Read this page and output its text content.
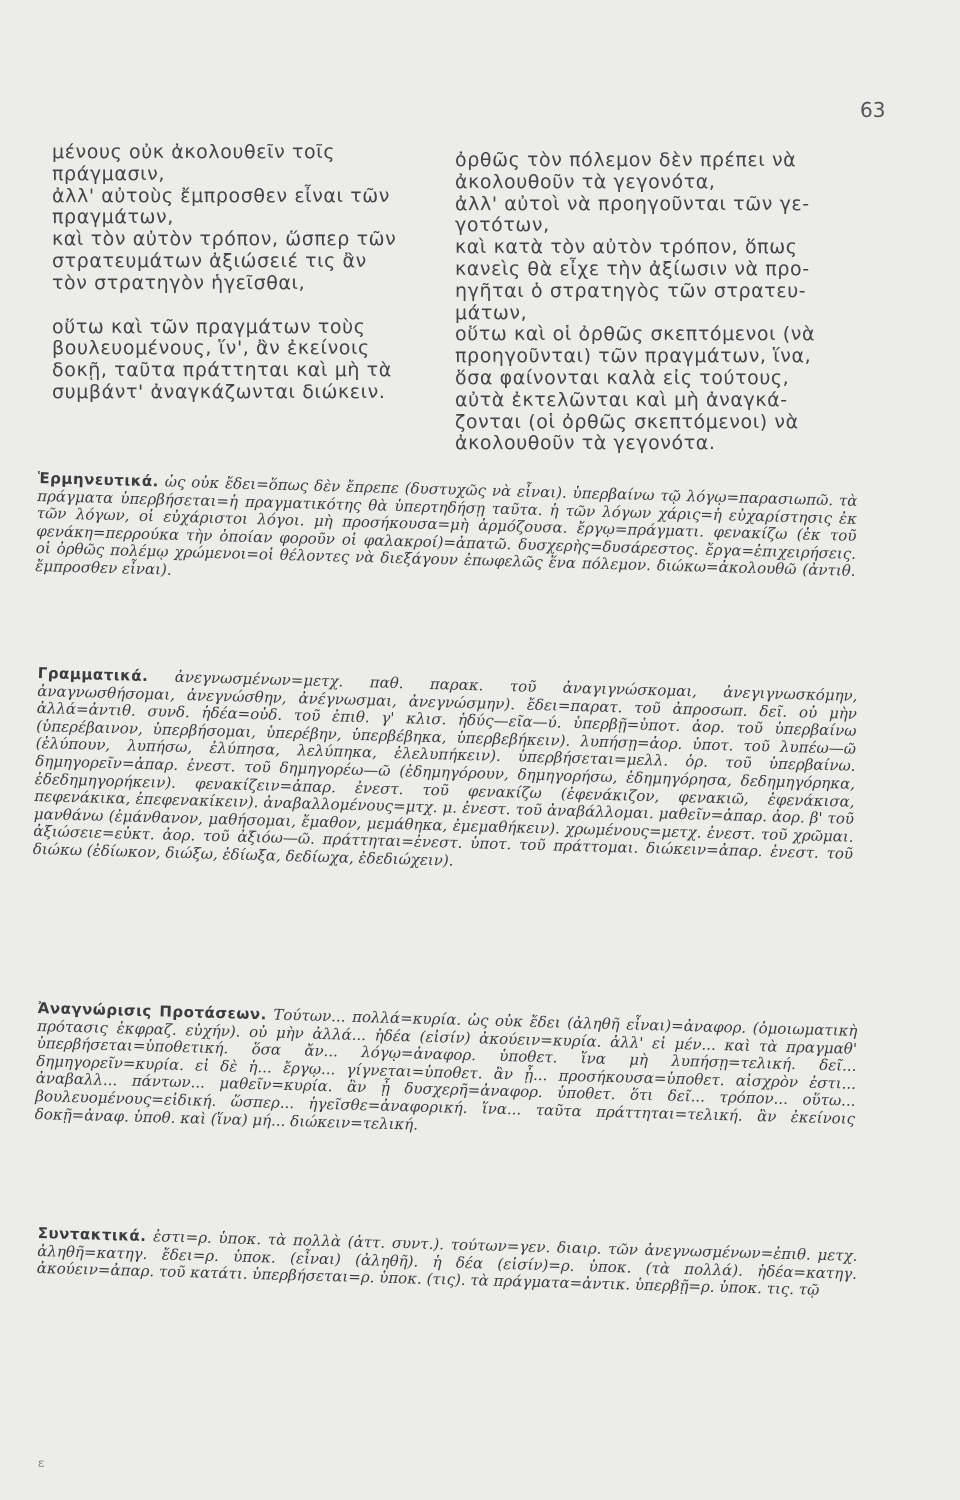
63

μένους οὐκ ἀκολουθεῖν τοῖς

πράγμασιν,

ἀλλ' αὐτοὺς ἔμπροσθεν εἶναι τῶν

πραγμάτων,

καὶ τὸν αὐτὸν τρόπον, ὥσπερ τῶν

στρατευμάτων ἀξιώσειέ τις ἂν

τὸν στρατηγὸν ἡγεῖσθαι,

οὕτω καὶ τῶν πραγμάτων τοὺς

βουλευομένους, ἵν', ἂν ἐκείνοις

δοκῇ, ταῦτα πράττηται καὶ μὴ τὰ

συμβάντ' ἀναγκάζωνται διώκειν.

ὀρθῶς τὸν πόλεμον δὲν πρέπει νὰ

ἀκολουθοῦν τὰ γεγονότα,

ἀλλ' αὐτοὶ νὰ προηγοῦνται τῶν γε-

γοτότων,

καὶ κατὰ τὸν αὐτὸν τρόπον, ὅπως

κανεὶς θὰ εἶχε τὴν ἀξίωσιν νὰ προ-

ηγῆται ὁ στρατηγὸς τῶν στρατευ-

μάτων,

οὕτω καὶ οἱ ὀρθῶς σκεπτόμενοι (νὰ

προηγοῦνται) τῶν πραγμάτων, ἵνα,

ὅσα φαίνονται καλὰ εἰς τούτους,

αὐτὰ ἐκτελῶνται καὶ μὴ ἀναγκά-

ζονται (οἱ ὀρθῶς σκεπτόμενοι) νὰ

ἀκολουθοῦν τὰ γεγονότα.

Ἑρμηνευτικά. ὡς οὐκ ἔδει=ὅπως δὲν ἔπρεπε (δυστυχῶς νὰ εἶναι). ὑπερβαίνω τῷ λόγῳ=παρασιωπῶ. τὰ πράγματα ὑπερβήσεται=ἡ πραγματικότης θὰ ὑπερτηδήσῃ ταῦτα. ἡ τῶν λόγων χάρις=ἡ εὐχαρίστησις ἐκ τῶν λόγων, οἱ εὐχάριστοι λόγοι. μὴ προσήκουσα=μὴ ἁρμόζουσα. ἔργῳ=πράγματι. φενακίζω (ἐκ τοῦ φενάκη=περρούκα τὴν ὁποίαν φοροῦν οἱ φαλακροί)=ἀπατῶ. δυσχερὴς=δυσάρεστος. ἔργα=ἐπιχειρήσεις. οἱ ὀρθῶς πολέμῳ χρώμενοι=οἱ θέλοντες νὰ διεξάγουν ἐπωφελῶς ἕνα πόλεμον. διώκω=ἀκολουθῶ (ἀντιθ. ἔμπροσθεν εἶναι).

Γραμματικά. ἀνεγνωσμένων=μετχ. παθ. παρακ. τοῦ ἀναγιγνώσκομαι, ἀνεγιγνωσκόμην, ἀναγνωσθήσομαι, ἀνεγνώσθην, ἀνέγνωσμαι, ἀνεγνώσμην). ἔδει=παρατ. τοῦ ἀπροσωπ. δεῖ. οὐ μὴν ἀλλά=ἀντιθ. συνδ. ἡδέα=οὐδ. τοῦ ἐπιθ. γ' κλισ. ἡδύς—εῖα—ύ. ὑπερβῇ=ὑποτ. ἀορ. τοῦ ὑπερβαίνω (ὑπερέβαινον, ὑπερβήσομαι, ὑπερέβην, ὑπερβέβηκα, ὑπερβεβήκειν). λυπήσῃ=ἀορ. ὑποτ. τοῦ λυπέω—ῶ (ἐλύπουν, λυπήσω, ἐλύπησα, λελύπηκα, ἐλελυπήκειν). ὑπερβήσεται=μελλ. ὁρ. τοῦ ὑπερβαίνω. δημηγορεῖν=ἀπαρ. ἐνεστ. τοῦ δημηγορέω—ῶ (ἐδημηγόρουν, δημηγορήσω, ἐδημηγόρησα, δεδημηγόρηκα, ἐδεδημηγορήκειν). φενακίζειν=ἀπαρ. ἐνεστ. τοῦ φενακίζω (ἐφενάκιζον, φενακιῶ, ἐφενάκισα, πεφενάκικα, ἐπεφενακίκειν). ἀναβαλλομένους=μτχ. μ. ἐνεστ. τοῦ ἀναβάλλομαι. μαθεῖν=ἀπαρ. ἀορ. β' τοῦ μανθάνω (ἐμάνθανον, μαθήσομαι, ἔμαθον, μεμάθηκα, ἐμεμαθήκειν). χρωμένους=μετχ. ἐνεστ. τοῦ χρῶμαι. ἀξιώσειε=εὐκτ. ἀορ. τοῦ ἀξιόω—ῶ. πράττηται=ἐνεστ. ὑποτ. τοῦ πράττομαι. διώκειν=ἀπαρ. ἐνεστ. τοῦ διώκω (ἐδίωκον, διώξω, ἐδίωξα, δεδίωχα, ἐδεδιώχειν).

Ἀναγνώρισις Προτάσεων. Τούτων... πολλά=κυρία. ὡς οὐκ ἔδει (ἀληθῆ εἶναι)=ἀναφορ. (ὁμοιωματικὴ πρότασις ἐκφραζ. εὐχήν). οὐ μὴν ἀλλά... ἡδέα (εἰσίν) ἀκούειν=κυρία. ἀλλ' εἰ μέν... καὶ τὰ πραγμαθ' ὑπερβήσεται=ὑποθετική. ὅσα ἄν... λόγῳ=ἀναφορ. ὑποθετ. ἵνα μὴ λυπήσῃ=τελική. δεῖ... δημηγορεῖν=κυρία. εἰ δὲ ἡ... ἔργῳ... γίγνεται=ὑποθετ. ἂν ᾖ... προσήκουσα=ὑποθετ. αἰσχρὸν ἐστι... ἀναβαλλ... πάντων... μαθεῖν=κυρία. ἂν ᾖ δυσχερῆ=ἀναφορ. ὑποθετ. ὅτι δεῖ... τρόπον... οὕτω... βουλευομένους=εἰδική. ὥσπερ... ἡγεῖσθε=ἀναφορική. ἵνα... ταῦτα πράττηται=τελική. ἂν ἐκείνοις δοκῇ=ἀναφ. ὑποθ. καὶ (ἵνα) μή... διώκειν=τελική.

Συντακτικά. ἐστι=ρ. ὑποκ. τὰ πολλὰ (ἀττ. συντ.). τούτων=γεν. διαιρ. τῶν ἀνεγνωσμένων=ἐπιθ. μετχ. ἀληθῆ=κατηγ. ἔδει=ρ. ὑποκ. (εἶναι) (ἀληθῆ). ἡ δέα (εἰσίν)=ρ. ὑποκ. (τὰ πολλά). ἡδέα=κατηγ. ἀκούειν=ἀπαρ. τοῦ κατάτι. ὑπερβήσεται=ρ. ὑποκ. (τις). τὰ πράγματα=ἀντικ. ὑπερβῇ=ρ. ὑποκ. τις. τῷ

ε
